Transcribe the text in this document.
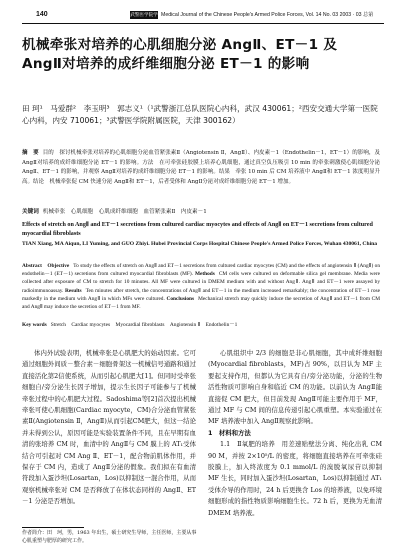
140	武警医学院学报
Medical Journal of the Chinese People's Armed Police Forces, Vol. 14 No. 03 2003 · 03 总第
机械牵张对培养的心肌细胞分泌 AngⅡ、ET－1 及 AngⅡ对培养的成纤维细胞分泌 ET－1 的影响
田 珂¹　马爱群²　李玉明³　郭志义¹（¹武警浙江总队医院心内科，武汉 430061；²西安交通大学第一医院心内科，内安 710061；³武警医学院附属医院，天津 300162）
摘　要 目的　探讨机械牵张对培养的心肌细胞分泌血管紧张素Ⅱ（Angiotensin Ⅱ，AngⅡ）、内皮素－1（Endothelin－1，ET－1）的影响，及 AngⅡ对培养的成纤维细胞分泌 ET－1 的影响。方法　在可牵张硅胶膜上培养心肌细胞，通过真空负压吸引 10 min 的牵张刺激使心肌细胞分泌 AngⅡ、ET－1 的影响，并观察 AngⅡ对培养的成纤维细胞分泌 ET－1 的影响。结果　牵张 10 min 后 CM 培养液中 AngⅡ和 ET－1 浓度明显升高。结论　机械牵张促 CM 快速分泌 AngⅡ和 ET－1，后者受体和 AngⅡ分泌对成纤维细胞分泌 ET－1 增加。
关键词 机械牵张　心肌细胞　心肌成纤维细胞　血管紧张素Ⅱ　内皮素－1
Effects of stretch on AngⅡ and ET－1 secretions from cultured cardiac myocytes and effects of AngⅡ on ET－1 secretions from cultured myocardial fibroblasts
TIAN Xiang, MA Aiqun, LI Yuming, and GUO Zhiyi. Hubei Provincial Corps Hospital Chinese People's Armed Police Forces, Wuhan 430061, China
Abstract Objective To study the effects of stretch on AngⅡ and ET－1 secretions from cultured cardiac myocytes (CM) and the effects of angiotensin Ⅱ (AngⅡ) on endothelin－1 (ET－1) secretions from cultured myocardial fibroblasts (MF). Methods CM cells were cultured on deformable silica gel membrane. Media were collected after exposure of CM to stretch for 10 minutes. All MF were cultured in DMEM medium with and without AngⅡ. AngⅡ and ET－1 were assayed by radioimmunoassay. Results Ten minutes after stretch, the concentrations of AngⅡ and ET－1 in the medium increased remarkably; the concentration of ET－1 rose markedly in the medium with AngⅡ in which MFs were cultured. Conclusions Mechanical stretch may quickly induce the secretion of AngⅡ and ET－1 from CM and AngⅡ may induce the secretion of ET－1 from MF.
Key words Stretch　Cardiac myocytes　Myocardial fibroblasts　Angiotensin Ⅱ　Endothelin－1

体内外试验表明，机械牵张是心肌肥大的始动因素。它可通过细胞外间质－整合素－细胞骨架这一机械信号通路和通过直接活化第2信使系统，从而引起心肌肥大[1]。但同时受牵张细胞自/旁分泌生长因子增加，提示生长因子可能参与了机械牵张过程中的心肌肥大过程。Sadoshima等[2]首次提出机械牵张可使心肌细胞(Cardiac myocyte，CM)合分泌血管紧张素Ⅱ(Angiotensin Ⅱ，AngⅡ)从而引起CM肥大，但这一结论并未得到公认，原因可能是实验装置条件不同，且在早期有血清的张培养 CM 时，血清中的 AngⅡ与 CM 膜上的 AT₁受体结合可引起对 CM Ang Ⅱ、ET－1，配合物前肌体作用，并保存于 CM 内，造成了 AngⅡ分泌的假象。我们拟在有血清符段加入蛋沙坦(Losartan，Los)以抑制这一混合作用，从而观察机械牵张对 CM 是否释放了在体状态同样的 AngⅡ、ET－1 分泌是否增加。

心肌组织中 2/3 的细胞是非心肌细胞，其中成纤维细胞(Myocardial fibroblasts，MF)占 90%，以目认为 MF 主要起支持作用，但都认为它具有自/旁分泌功能，分泌的生物活性物质可影响自身和临近 CM 的功能。以前认为 AngⅡ能直接促 CM 肥大，但目前发现 AngⅡ可能主要作用于 MF，通过 MF 与 CM 间的信息传递引起心肌重塑。本实验通过在 MF 培养液中加入 AngⅡ观察此影响。

1　材料和方法

1.1　Ⅱ氧肥的培养　用差速贴壁法分离、纯化出乳 CM 90 M，并按 2×10⁵/L 的密度，将细胞直接培养在可牵张硅胶膜上，加入终浓度为 0.1 mmol/L 的溴脱氧尿苷以抑制 MF 生长，同时加入蛋沙坦(Losartan，Los)以抑制通过 AT₁受体介导的作用时，24 h 后更换含 Los 的培养液，以免环境细胞形成的指性物质影响细胞生长。72 h 后，更换为无血清 DMEM 培养液。

作者简介：田　珂，男，1963 年出生，硕士研究生导师，主任医师，主要从事心肌重塑与肥厚的研究工作。
